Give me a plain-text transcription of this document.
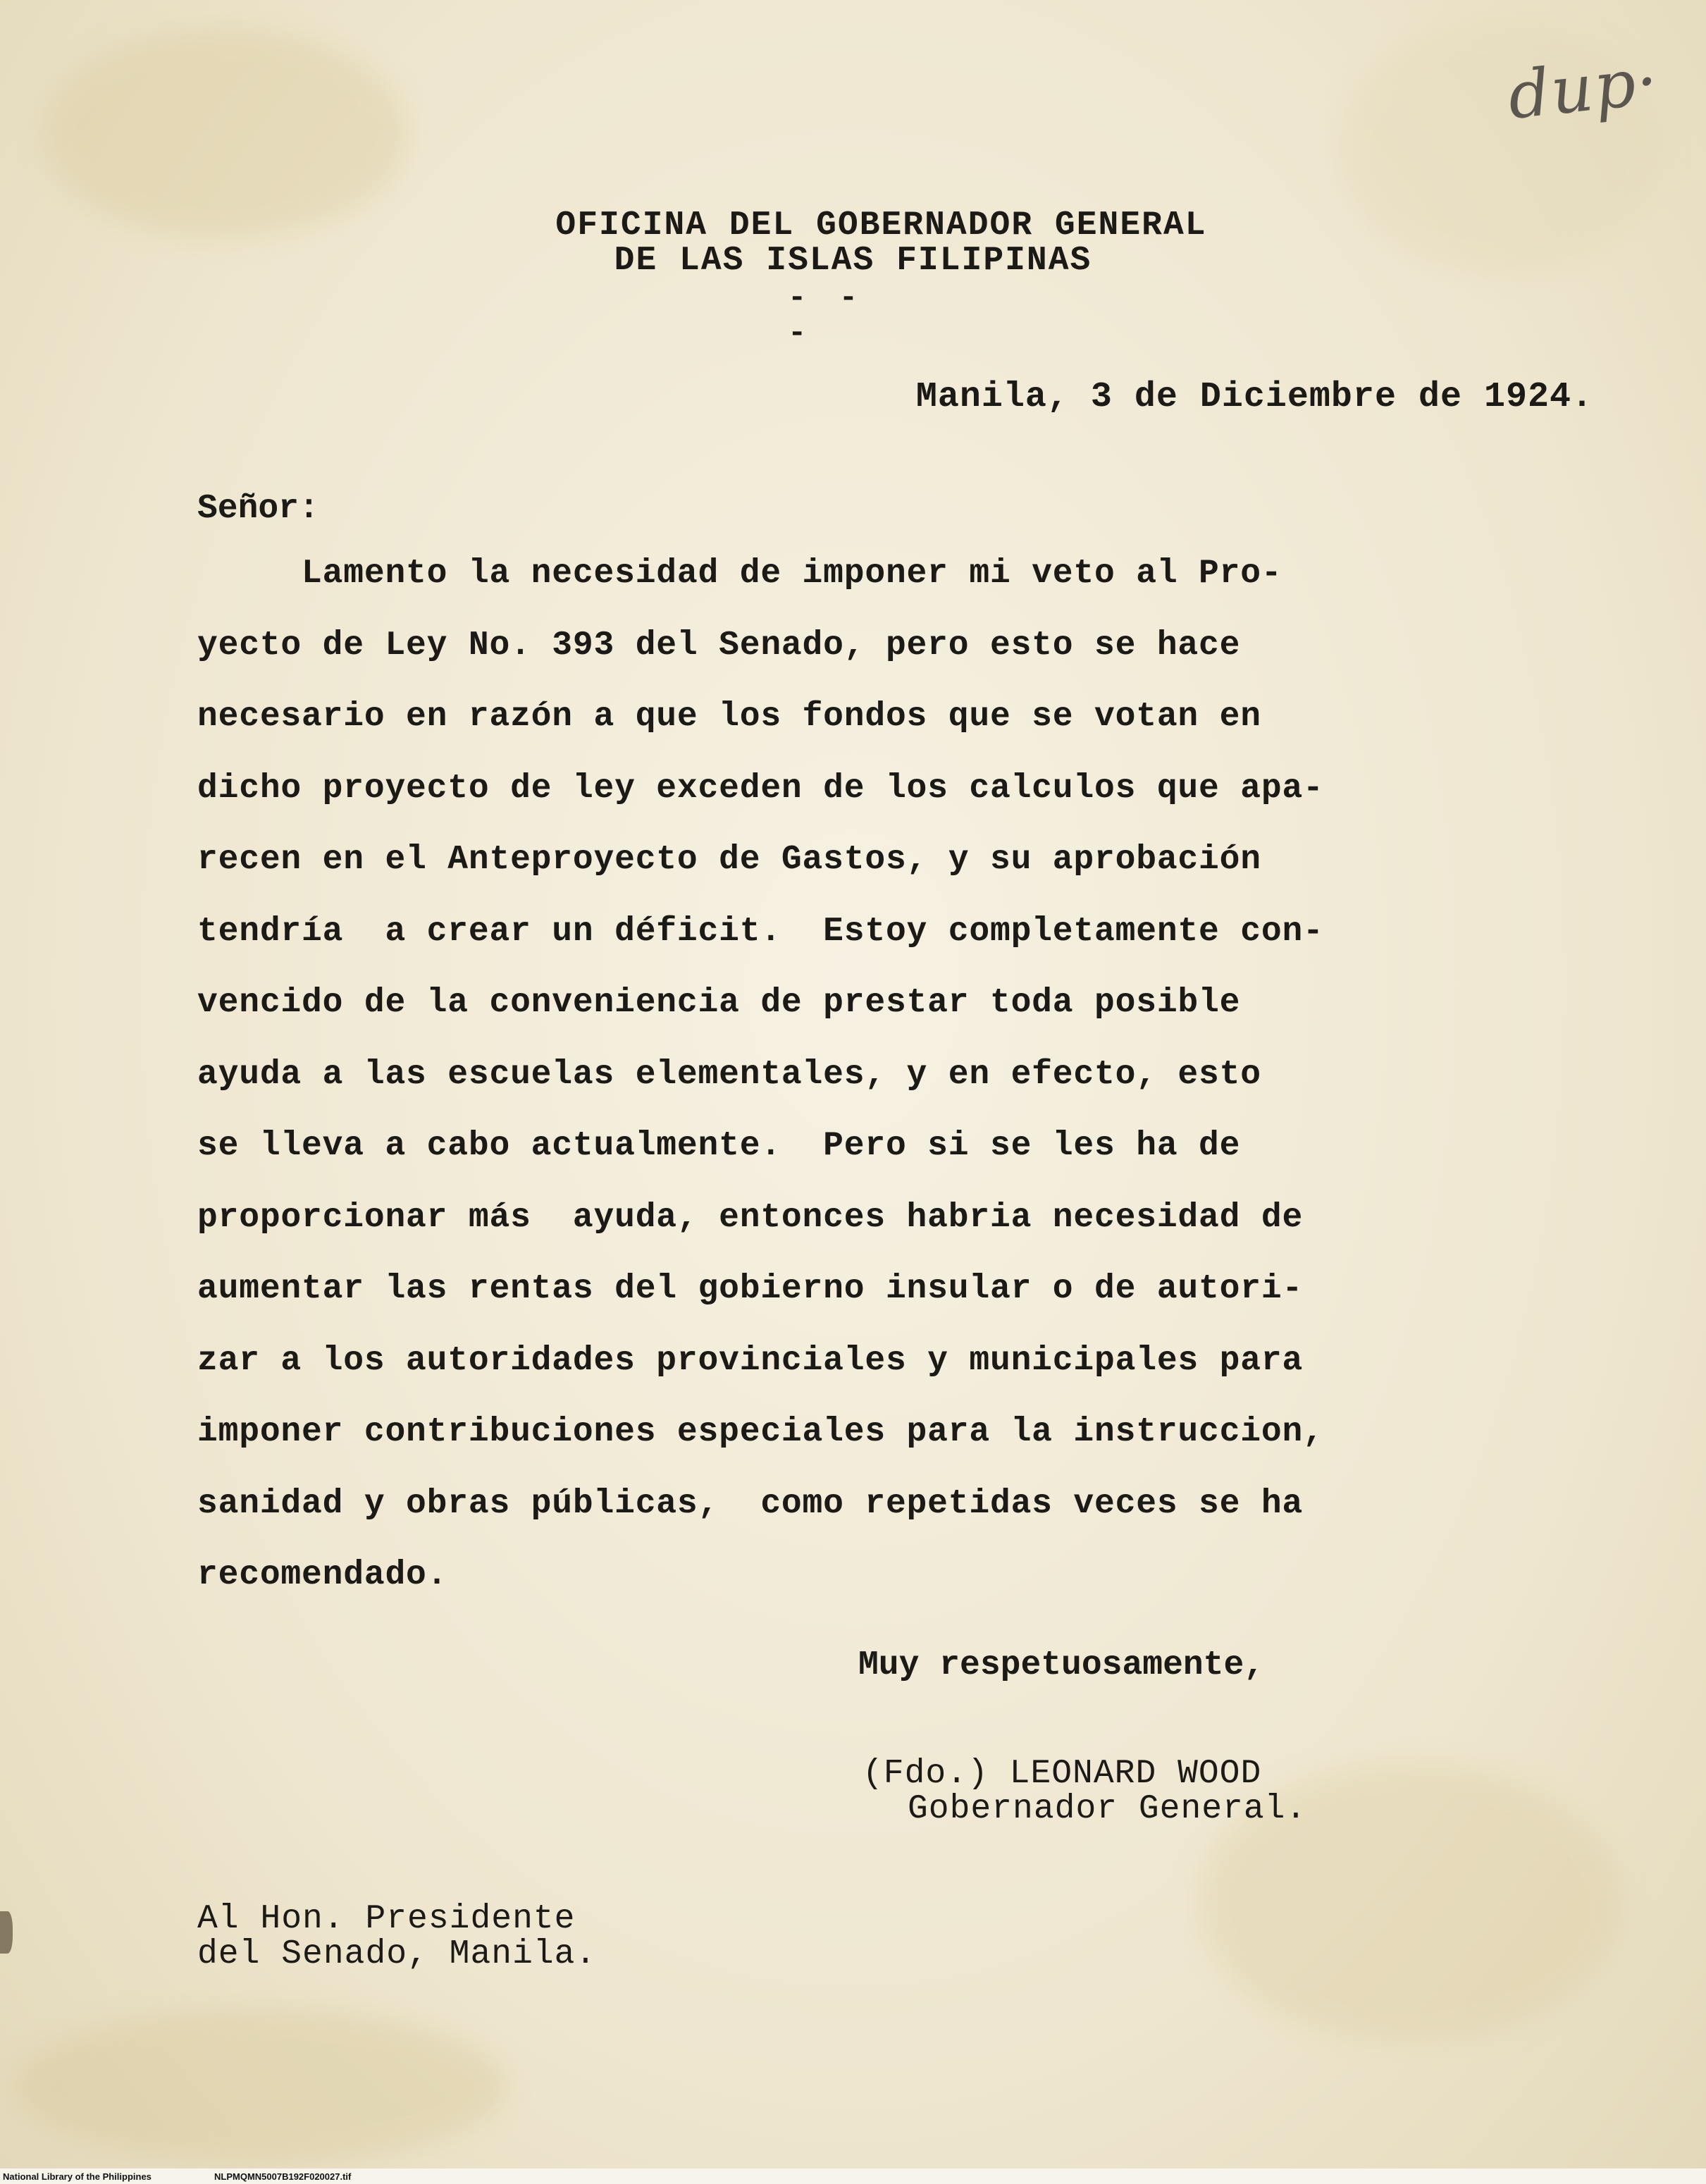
dup·
OFICINA DEL GOBERNADOR GENERAL
DE LAS ISLAS FILIPINAS
- - -
Manila, 3 de Diciembre de 1924.
Señor:
Lamento la necesidad de imponer mi veto al Pro-
yecto de Ley No. 393 del Senado, pero esto se hace
necesario en razón a que los fondos que se votan en
dicho proyecto de ley exceden de los calculos que apa-
recen en el Anteproyecto de Gastos, y su aprobación
tendría  a crear un déficit.  Estoy completamente con-
vencido de la conveniencia de prestar toda posible
ayuda a las escuelas elementales, y en efecto, esto
se lleva a cabo actualmente.  Pero si se les ha de
proporcionar más  ayuda, entonces habria necesidad de
aumentar las rentas del gobierno insular o de autori-
zar a los autoridades provinciales y municipales para
imponer contribuciones especiales para la instruccion,
sanidad y obras públicas,  como repetidas veces se ha
recomendado.
Muy respetuosamente,
(Fdo.) LEONARD WOOD
Gobernador General.
Al Hon. Presidente
del Senado, Manila.
National Library of the Philippines	NLPMQMN5007B192F020027.tif
